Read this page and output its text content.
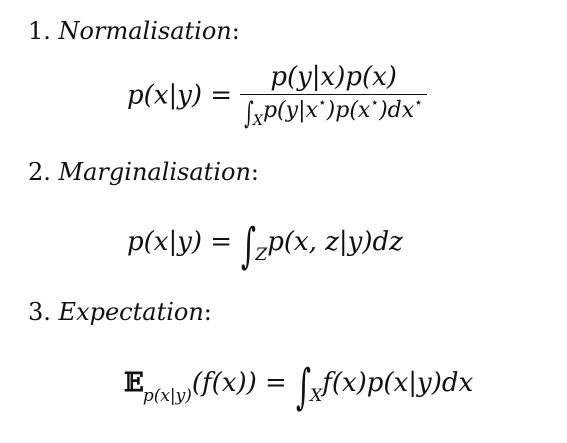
1. Normalisation:
$p(x|y) = \frac{p(y|x)p(x)}{\int_Xp(y|x^⋆)p(x^⋆)dx^⋆}$
2. Marginalisation:
$p(x|y) = \int_Zp(x$, z|y)dz
3. Expectation:
𝔼$_{p(x|y)}$(f(x)) = $\int_Xf(x)p(x|y)dx$
